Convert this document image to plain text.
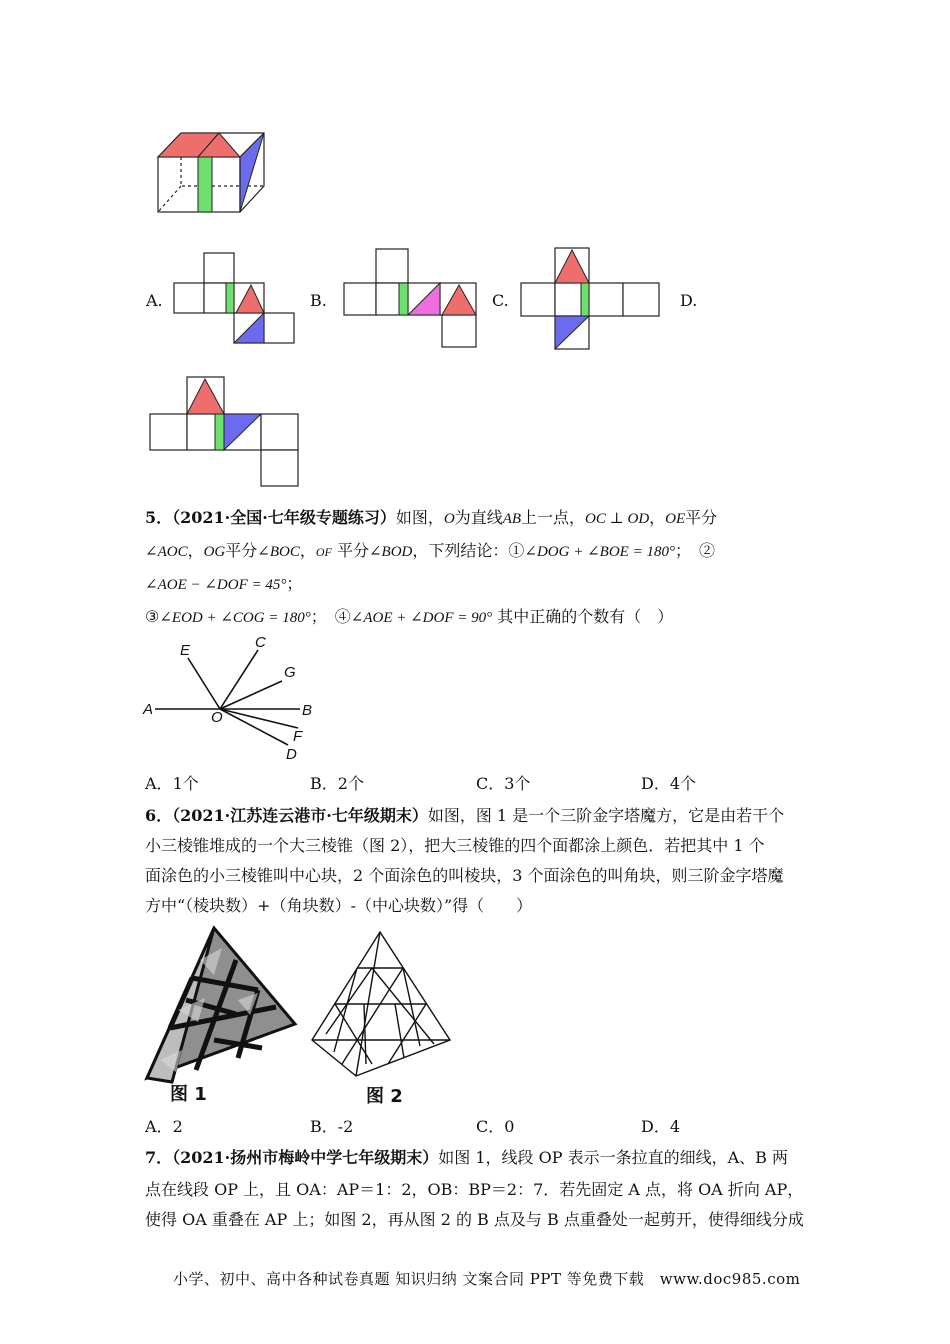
A.	B.	C.	D.
5．（2021·全国·七年级专题练习）如图，O为直线AB上一点，OC ⊥ OD，OE平分
∠AOC，OG平分∠BOC，OF 平分∠BOD，下列结论：①∠DOG + ∠BOE = 180°；　②
∠AOE − ∠DOF = 45°；
③∠EOD + ∠COG = 180°；　④∠AOE + ∠DOF = 90° 其中正确的个数有（　）
E	C
G
A	O	B
F
D
A．1个	B．2个	C．3个	D．4个
6．（2021·江苏连云港市·七年级期末）如图，图 1 是一个三阶金字塔魔方，它是由若干个
小三棱锥堆成的一个大三棱锥（图 2），把大三棱锥的四个面都涂上颜色．若把其中 1 个
面涂色的小三棱锥叫中心块，2 个面涂色的叫棱块，3 个面涂色的叫角块，则三阶金字塔魔
方中“（棱块数）+（角块数）-（中心块数）”得（　　）
图 1	图 2
A．2	B．-2	C．0	D．4
7．（2021·扬州市梅岭中学七年级期末）如图 1，线段 OP 表示一条拉直的细线，A、B 两
点在线段 OP 上，且 OA：AP＝1：2，OB：BP＝2：7．若先固定 A 点，将 OA 折向 AP，
使得 OA 重叠在 AP 上；如图 2，再从图 2 的 B 点及与 B 点重叠处一起剪开，使得细线分成
小学、初中、高中各种试卷真题 知识归纳 文案合同 PPT 等免费下载　www.doc985.com
